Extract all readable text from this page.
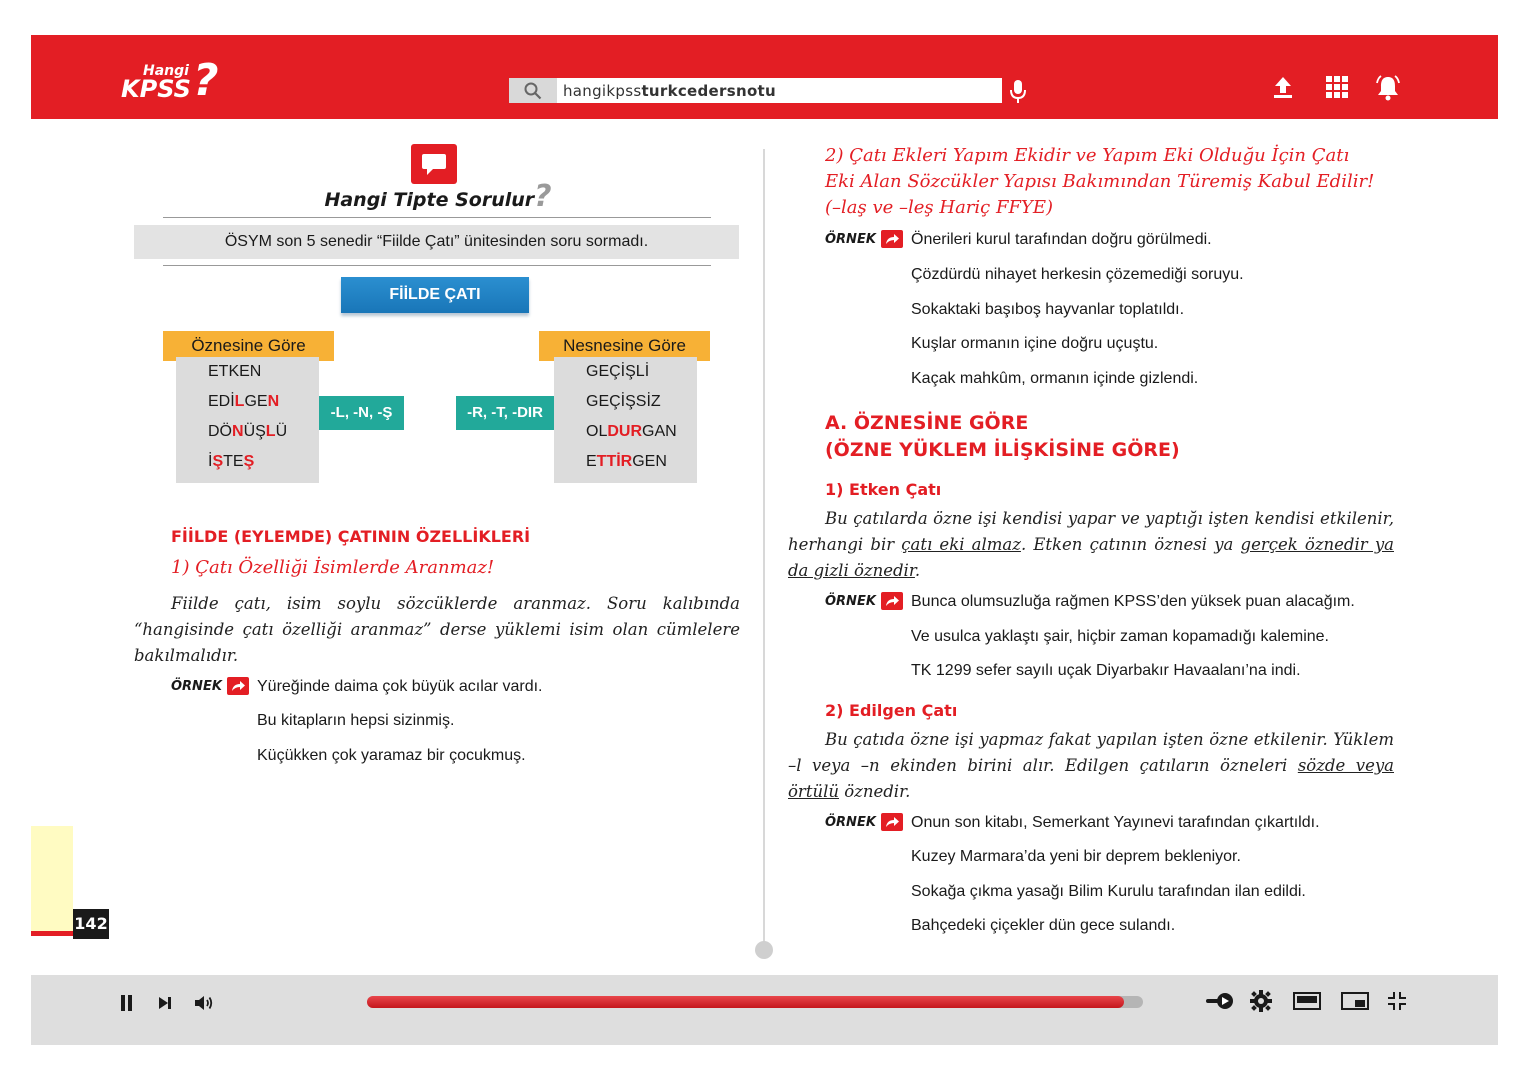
Hangi
KPSS ?	hangikpssturkcedersnotu
Hangi Tipte Sorulur?
ÖSYM son 5 senedir “Fiilde Çatı” ünitesinden soru sormadı.
FİİLDE ÇATI
Öznesine Göre	Nesnesine Göre
ETKEN
EDİLGEN
DÖNÜŞLÜ
İŞTEŞ
-L, -N, -Ş	-R, -T, -DIR
GEÇİŞLİ
GEÇİŞSİZ
OLDURGAN
ETTİRGEN
FİİLDE (EYLEMDE) ÇATININ ÖZELLİKLERİ
1) Çatı Özelliği İsimlerde Aranmaz!
Fiilde çatı, isim soylu sözcüklerde aranmaz. Soru kalıbında “hangisinde çatı özelliği aranmaz” derse yüklemi isim olan cümlelere bakılmalıdır.
ÖRNEK Yüreğinde daima çok büyük acılar vardı.
Bu kitapların hepsi sizinmiş.
Küçükken çok yaramaz bir çocukmuş.
142
2) Çatı Ekleri Yapım Ekidir ve Yapım Eki Olduğu İçin Çatı
Eki Alan Sözcükler Yapısı Bakımından Türemiş Kabul Edilir!
(–laş ve –leş Hariç FFYE)
ÖRNEK Önerileri kurul tarafından doğru görülmedi.
Çözdürdü nihayet herkesin çözemediği soruyu.
Sokaktaki başıboş hayvanlar toplatıldı.
Kuşlar ormanın içine doğru uçuştu.
Kaçak mahkûm, ormanın içinde gizlendi.
A. ÖZNESİNE GÖRE
(ÖZNE YÜKLEM İLİŞKİSİNE GÖRE)
1) Etken Çatı
Bu çatılarda özne işi kendisi yapar ve yaptığı işten kendisi etkilenir, herhangi bir çatı eki almaz. Etken çatının öznesi ya gerçek öznedir ya da gizli öznedir.
ÖRNEK Bunca olumsuzluğa rağmen KPSS’den yüksek puan alacağım.
Ve usulca yaklaştı şair, hiçbir zaman kopamadığı kalemine.
TK 1299 sefer sayılı uçak Diyarbakır Havaalanı’na indi.
2) Edilgen Çatı
Bu çatıda özne işi yapmaz fakat yapılan işten özne etkilenir. Yüklem –l veya –n ekinden birini alır. Edilgen çatıların özneleri sözde veya örtülü öznedir.
ÖRNEK Onun son kitabı, Semerkant Yayınevi tarafından çıkartıldı.
Kuzey Marmara’da yeni bir deprem bekleniyor.
Sokağa çıkma yasağı Bilim Kurulu tarafından ilan edildi.
Bahçedeki çiçekler dün gece sulandı.
